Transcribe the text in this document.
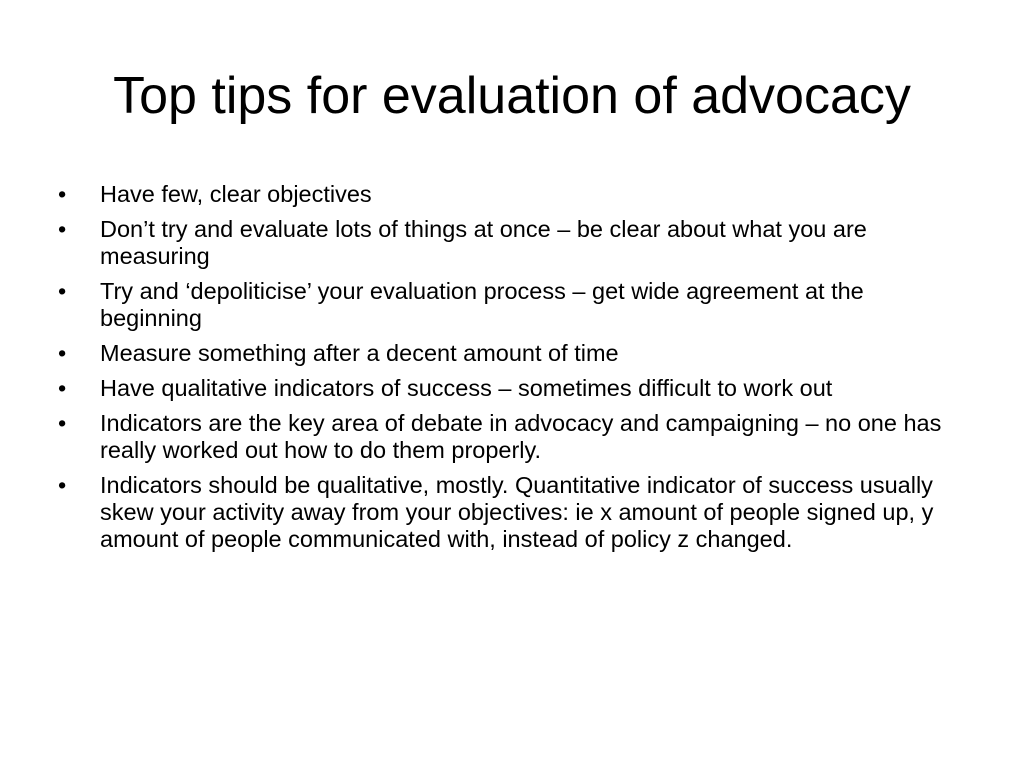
Top tips for evaluation of advocacy
•	Have few, clear objectives
•	Don’t try and evaluate lots of things at once – be clear about what you are measuring
•	Try and ‘depoliticise’ your evaluation process – get wide agreement at the beginning
•	Measure something after a decent amount of time
•	Have qualitative indicators of success – sometimes difficult to work out
•	Indicators are the key area of debate in advocacy and campaigning – no one has really worked out how to do them properly.
•	Indicators should be qualitative, mostly. Quantitative indicator of success usually skew your activity away from your objectives: ie x amount of people signed up, y amount of people communicated with, instead of policy z changed.
